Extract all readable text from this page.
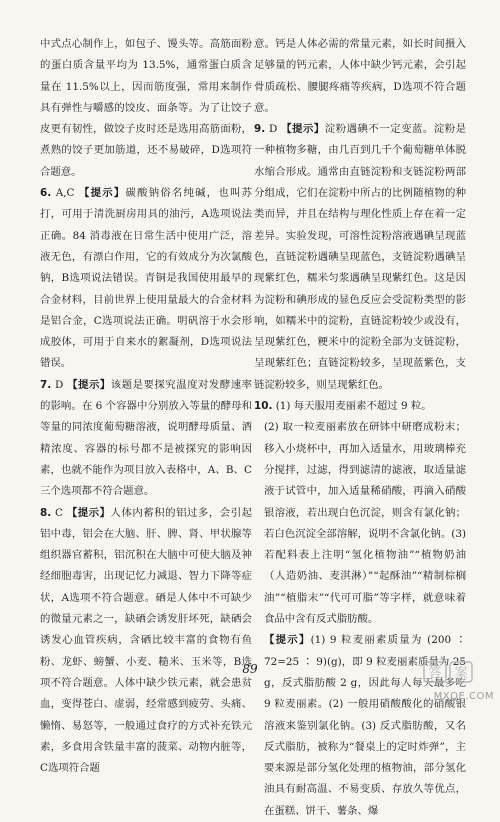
中式点心制作上，如包子、馒头等。高筋面粉的蛋白质含量平均为 13.5%，通常蛋白质含量在 11.5%以上，因而筋度强，常用来制作具有弹性与嚼感的饺皮、面条等。为了让饺子皮更有韧性，做饺子皮时还是选用高筋面粉，煮熟的饺子更加筋道，还不易破碎，D选项符合题意。

6. A,C 【提示】碳酸钠俗名纯碱，也叫苏打，可用于清洗厨房用具的油污，A选项说法正确。84 消毒液在日常生活中使用广泛，溶液无色，有漂白作用，它的有效成分为次氯酸钠，B选项说法错误。青铜是我国使用最早的合金材料，目前世界上使用量最大的合金材料是铝合金，C选项说法正确。明矾溶于水会形成胶体，可用于自来水的絮凝剂，D选项说法错误。

7. D 【提示】该题是要探究温度对发酵速率的影响。在 6 个容器中分别放入等量的酵母和等量的同浓度葡萄糖溶液，说明酵母质量、酒精浓度、容器的标号都不是被探究的影响因素，也就不能作为项目放入表格中，A、B、C 三个选项都不符合题意。

8. C 【提示】人体内蓄积的铝过多，会引起铝中毒，铝会在大脑、肝、脾、肾、甲状腺等组织器官蓄积，铝沉积在大脑中可使大脑及神经细胞毒害，出现记忆力减退、智力下降等症状，A选项不符合题意。硒是人体中不可缺少的微量元素之一，缺硒会诱发肝坏死，缺硒会诱发心血管疾病，含硒比较丰富的食物有鱼粉、龙虾、螃蟹、小麦、糙米、玉米等，B选项不符合题意。人体中缺少铁元素，就会患贫血，变得苍白、虚弱，经常感到疲劳、头痛、懒惰、易怒等，一般通过食疗的方式补充铁元素，多食用含铁量丰富的菠菜、动物内脏等，C选项符合题

意。钙是人体必需的常量元素，如长时间摄入足够量的钙元素，人体中缺少钙元素，会引起骨质疏松、腰腿疼痛等疾病，D选项不符合题意。

9. D 【提示】淀粉遇碘不一定变蓝。淀粉是一种植物多糖，由几百到几千个葡萄糖单体脱水缩合形成。通常由直链淀粉和支链淀粉两部分组成，它们在淀粉中所占的比例随植物的种类而异，并且在结构与理化性质上存在着一定差异。实验发现，可溶性淀粉溶液遇碘呈现蓝色，直链淀粉遇碘呈现蓝色，支链淀粉遇碘呈现紫红色，糯米匀浆遇碘呈现紫红色。这是因为淀粉和碘形成的显色反应会受淀粉类型的影响，如糯米中的淀粉，直链淀粉较少或没有，呈现紫红色，粳米中的淀粉全部为支链淀粉，呈现紫红色；直链淀粉较多，呈现蓝紫色，支链淀粉较多，则呈现紫红色。

10. (1) 每天服用麦丽素不超过 9 粒。

(2) 取一粒麦丽素放在研钵中研磨成粉末；移入小烧杯中，再加入适量水，用玻璃棒充分搅拌，过滤，得到滤清的滤液，取适量滤液于试管中，加入适量稀硝酸，再滴入硝酸银溶液，若出现白色沉淀，则含有氯化钠；若白色沉淀全部溶解，说明不含氯化钠。(3) 若配料表上注明“氢化植物油”“植物奶油（人造奶油、麦淇淋）”“起酥油”“精制棕榈油”“植脂末”“代可可脂”等字样，就意味着食品中含有反式脂肪酸。

【提示】(1) 9 粒麦丽素质量为 (200 ∶ 72=25 ∶ 9)(g)，即 9 粒麦丽素质量为 25 g，反式脂肪酸 2 g，因此每人每天最多吃 9 粒麦丽素。(2) 一般用硝酸酸化的硝酸银溶液来鉴别氯化钠。(3) 反式脂肪酸，又名反式脂肪，被称为“餐桌上的定时炸弹”，主要来源是部分氢化处理的植物油，部分氢化油具有耐高温、不易变质、存放久等优点，在蛋糕、饼干、薯条、爆

89	答 案
MXQE.COM
